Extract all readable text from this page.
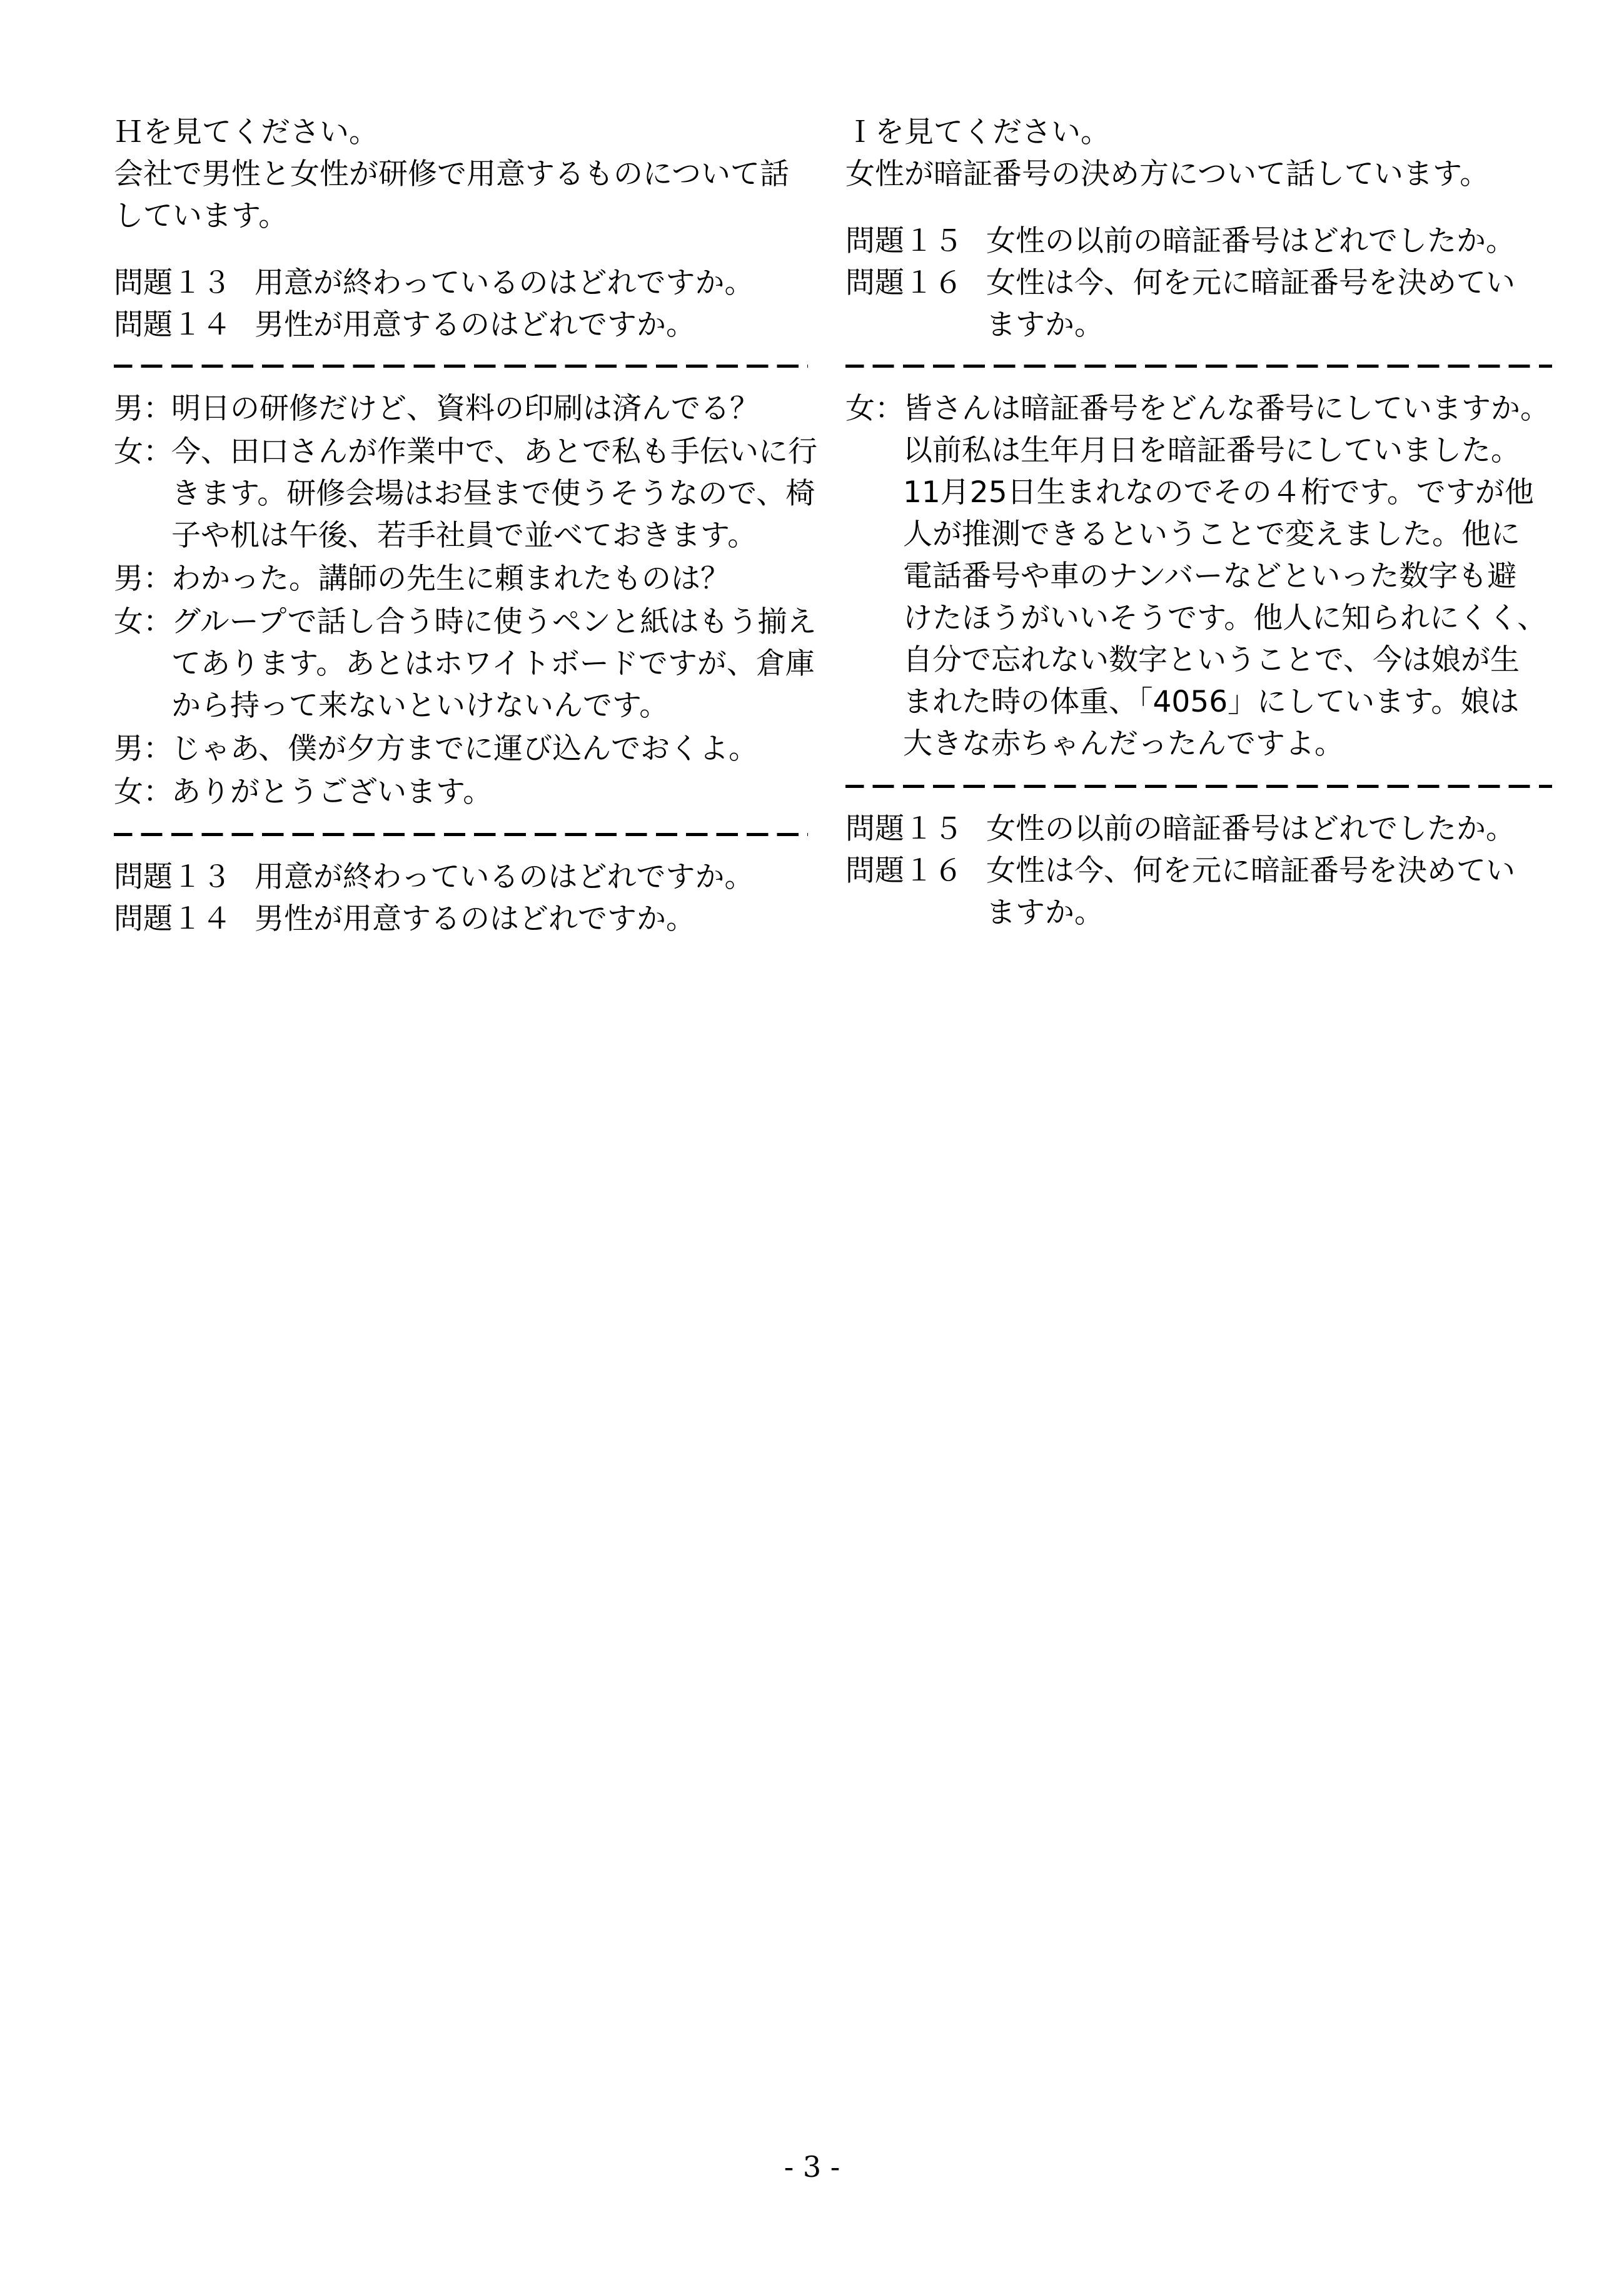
Ｈを見てください。
会社で男性と女性が研修で用意するものについて話
しています。
問題１３ 用意が終わっているのはどれですか。
問題１４ 男性が用意するのはどれですか。
男：
明日の研修だけど、資料の印刷は済んでる？
女：
今、田口さんが作業中で、あとで私も手伝いに行
きます。研修会場はお昼まで使うそうなので、椅
子や机は午後、若手社員で並べておきます。
男：
わかった。講師の先生に頼まれたものは？
女：
グループで話し合う時に使うペンと紙はもう揃え
てあります。あとはホワイトボードですが、倉庫
から持って来ないといけないんです。
男：
じゃあ、僕が夕方までに運び込んでおくよ。
女：
ありがとうございます。
問題１３ 用意が終わっているのはどれですか。
問題１４ 男性が用意するのはどれですか。
Ｉを見てください。
女性が暗証番号の決め方について話しています。
問題１５ 女性の以前の暗証番号はどれでしたか。
問題１６ 女性は今、何を元に暗証番号を決めてい
ますか。
女：
皆さんは暗証番号をどんな番号にしていますか。
以前私は生年月日を暗証番号にしていました。
11月25日生まれなのでその４桁です。ですが他
人が推測できるということで変えました。他に
電話番号や車のナンバーなどといった数字も避
けたほうがいいそうです。他人に知られにくく、
自分で忘れない数字ということで、今は娘が生
まれた時の体重、「4056」にしています。娘は
大きな赤ちゃんだったんですよ。
問題１５ 女性の以前の暗証番号はどれでしたか。
問題１６ 女性は今、何を元に暗証番号を決めてい
ますか。
- 3 -
